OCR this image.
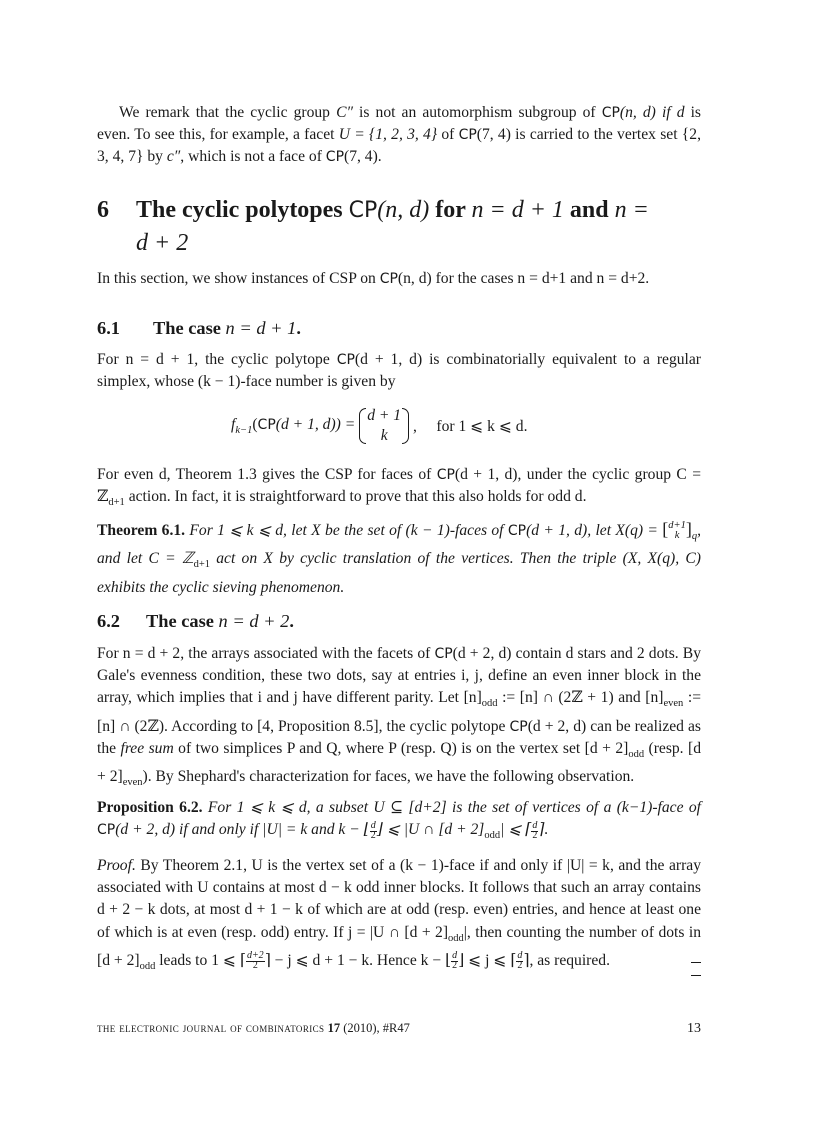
We remark that the cyclic group C″ is not an automorphism subgroup of CP(n, d) if d is even. To see this, for example, a facet U = {1, 2, 3, 4} of CP(7, 4) is carried to the vertex set {2, 3, 4, 7} by c″, which is not a face of CP(7, 4).

6 The cyclic polytopes CP(n, d) for n = d + 1 and n =
d + 2

In this section, we show instances of CSP on CP(n, d) for the cases n = d+1 and n = d+2.

6.1 The case n = d + 1.

For n = d + 1, the cyclic polytope CP(d + 1, d) is combinatorially equivalent to a regular simplex, whose (k − 1)-face number is given by

$f_{k-1}(CP(d + 1$, d)) =
d + 1
k
,     for 1 ⩽ k ⩽ d.

For even d, Theorem 1.3 gives the CSP for faces of CP(d + 1, d), under the cyclic group C = ℤ$_{d+1}$ action. In fact, it is straightforward to prove that this also holds for odd d.

Theorem 6.1. For 1 ⩽ k ⩽ d, let X be the set of (k − 1)-faces of CP(d + 1, d), let X(q) = [ d+1
k ]$_q$, and let C = ℤ$_{d+1}$ act on X by cyclic translation of the vertices. Then the triple (X, X(q), C) exhibits the cyclic sieving phenomenon.

6.2 The case n = d + 2.

For n = d + 2, the arrays associated with the facets of CP(d + 2, d) contain d stars and 2 dots. By Gale's evenness condition, these two dots, say at entries i, j, define an even inner block in the array, which implies that i and j have different parity. Let $[n]_{odd}$ := [n] ∩ (2ℤ + 1) and $[n]_{even}$ := [n] ∩ (2ℤ). According to [4, Proposition 8.5], the cyclic polytope CP(d + 2, d) can be realized as the free sum of two simplices P and Q, where P (resp. Q) is on the vertex set $[d + 2]_{odd}$ (resp. $[d + 2]_{even}$). By Shephard's characterization for faces, we have the following observation.

Proposition 6.2. For 1 ⩽ k ⩽ d, a subset U ⊆ [d+2] is the set of vertices of a (k−1)-face of CP(d + 2, d) if and only if |U| = k and $k - ⌊\frac{d}{2}$ ⌋ ⩽ |U ∩ $[d + 2]_{odd}|$ ⩽ $⌈\frac{d}{2}$ ⌉.

Proof. By Theorem 2.1, U is the vertex set of a (k − 1)-face if and only if |U| = k, and the array associated with U contains at most d − k odd inner blocks. It follows that such an array contains d + 2 − k dots, at most d + 1 − k of which are at odd (resp. even) entries, and hence at least one of which is at even (resp. odd) entry. If j = |U ∩ $[d + 2]_{odd}|$, then counting the number of dots in $[d + 2]_{odd}$ leads to 1 ⩽ $⌈\frac{d+2}{2}$ ⌉ − j ⩽ d + 1 − k. Hence $k - ⌊\frac{d}{2}$ ⌋ ⩽ j ⩽ $⌈\frac{d}{2}$ ⌉, as required.

the electronic journal of combinatorics 17 (2010), #R47	13
